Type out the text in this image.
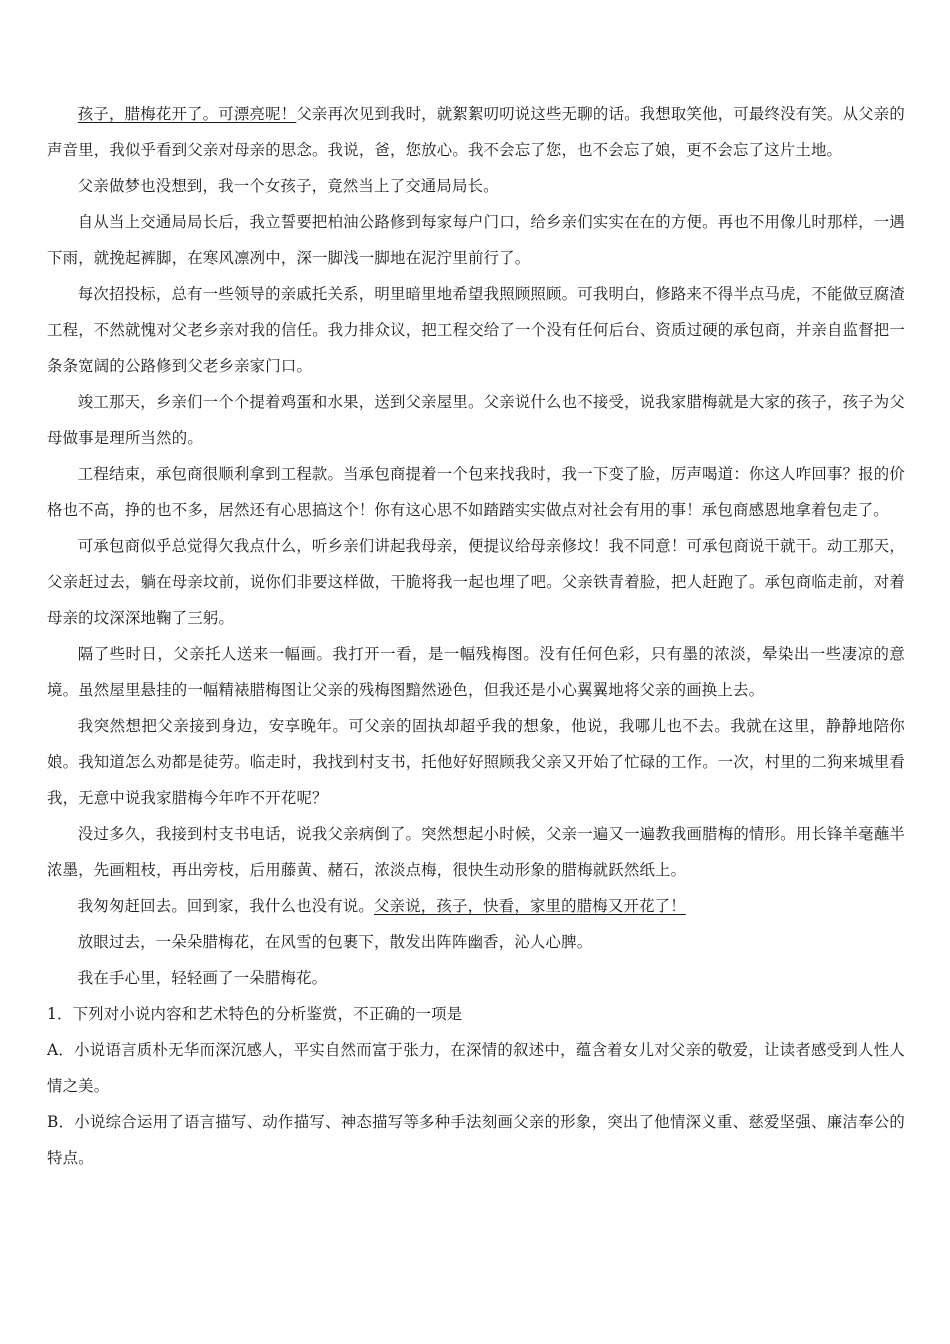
孩子，腊梅花开了。可漂亮呢！父亲再次见到我时，就絮絮叨叨说这些无聊的话。我想取笑他，可最终没有笑。从父亲的声音里，我似乎看到父亲对母亲的思念。我说，爸，您放心。我不会忘了您，也不会忘了娘，更不会忘了这片土地。

父亲做梦也没想到，我一个女孩子，竟然当上了交通局局长。

自从当上交通局局长后，我立誓要把柏油公路修到每家每户门口，给乡亲们实实在在的方便。再也不用像儿时那样，一遇下雨，就挽起裤脚，在寒风凛冽中，深一脚浅一脚地在泥泞里前行了。

每次招投标，总有一些领导的亲戚托关系，明里暗里地希望我照顾照顾。可我明白，修路来不得半点马虎，不能做豆腐渣工程，不然就愧对父老乡亲对我的信任。我力排众议，把工程交给了一个没有任何后台、资质过硬的承包商，并亲自监督把一条条宽阔的公路修到父老乡亲家门口。

竣工那天，乡亲们一个个提着鸡蛋和水果，送到父亲屋里。父亲说什么也不接受，说我家腊梅就是大家的孩子，孩子为父母做事是理所当然的。

工程结束，承包商很顺利拿到工程款。当承包商提着一个包来找我时，我一下变了脸，厉声喝道：你这人咋回事？报的价格也不高，挣的也不多，居然还有心思搞这个！你有这心思不如踏踏实实做点对社会有用的事！承包商感恩地拿着包走了。

可承包商似乎总觉得欠我点什么，听乡亲们讲起我母亲，便提议给母亲修坟！我不同意！可承包商说干就干。动工那天，父亲赶过去，躺在母亲坟前，说你们非要这样做，干脆将我一起也埋了吧。父亲铁青着脸，把人赶跑了。承包商临走前，对着母亲的坟深深地鞠了三躬。

隔了些时日，父亲托人送来一幅画。我打开一看，是一幅残梅图。没有任何色彩，只有墨的浓淡，晕染出一些凄凉的意境。虽然屋里悬挂的一幅精裱腊梅图让父亲的残梅图黯然逊色，但我还是小心翼翼地将父亲的画换上去。

我突然想把父亲接到身边，安享晚年。可父亲的固执却超乎我的想象，他说，我哪儿也不去。我就在这里，静静地陪你娘。我知道怎么劝都是徒劳。临走时，我找到村支书，托他好好照顾我父亲又开始了忙碌的工作。一次，村里的二狗来城里看我，无意中说我家腊梅今年咋不开花呢？

没过多久，我接到村支书电话，说我父亲病倒了。突然想起小时候，父亲一遍又一遍教我画腊梅的情形。用长锋羊毫蘸半浓墨，先画粗枝，再出旁枝，后用藤黄、赭石，浓淡点梅，很快生动形象的腊梅就跃然纸上。

我匆匆赶回去。回到家，我什么也没有说。父亲说，孩子，快看，家里的腊梅又开花了！

放眼过去，一朵朵腊梅花，在风雪的包裹下，散发出阵阵幽香，沁人心脾。

我在手心里，轻轻画了一朵腊梅花。

1．下列对小说内容和艺术特色的分析鉴赏，不正确的一项是

A．小说语言质朴无华而深沉感人，平实自然而富于张力，在深情的叙述中，蕴含着女儿对父亲的敬爱，让读者感受到人性人情之美。

B．小说综合运用了语言描写、动作描写、神态描写等多种手法刻画父亲的形象，突出了他情深义重、慈爱坚强、廉洁奉公的特点。
